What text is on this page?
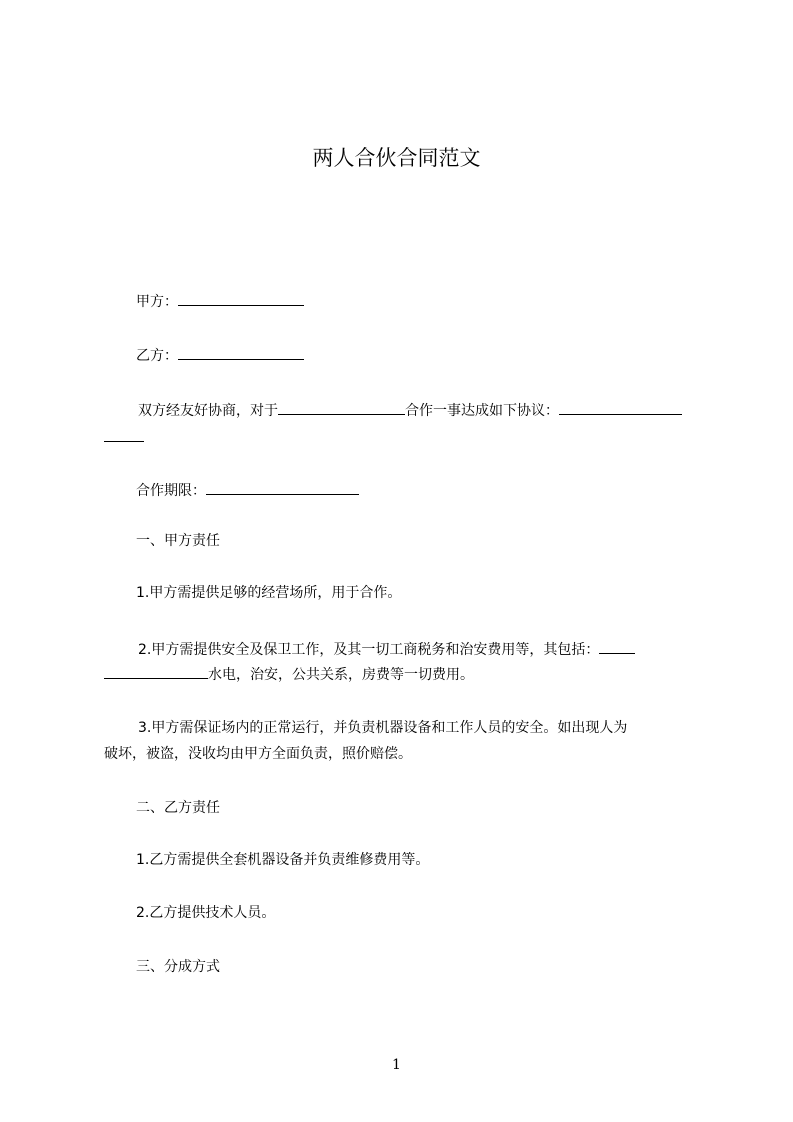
两人合伙合同范文
甲方：
乙方：
双方经友好协商，对于	合作一事达成如下协议：
合作期限：
一、甲方责任
1.甲方需提供足够的经营场所，用于合作。
2.甲方需提供安全及保卫工作，及其一切工商税务和治安费用等，其包括：
水电，治安，公共关系，房费等一切费用。
3.甲方需保证场内的正常运行，并负责机器设备和工作人员的安全。如出现人为
破坏，被盗，没收均由甲方全面负责，照价赔偿。
二、乙方责任
1.乙方需提供全套机器设备并负责维修费用等。
2.乙方提供技术人员。
三、分成方式
1
